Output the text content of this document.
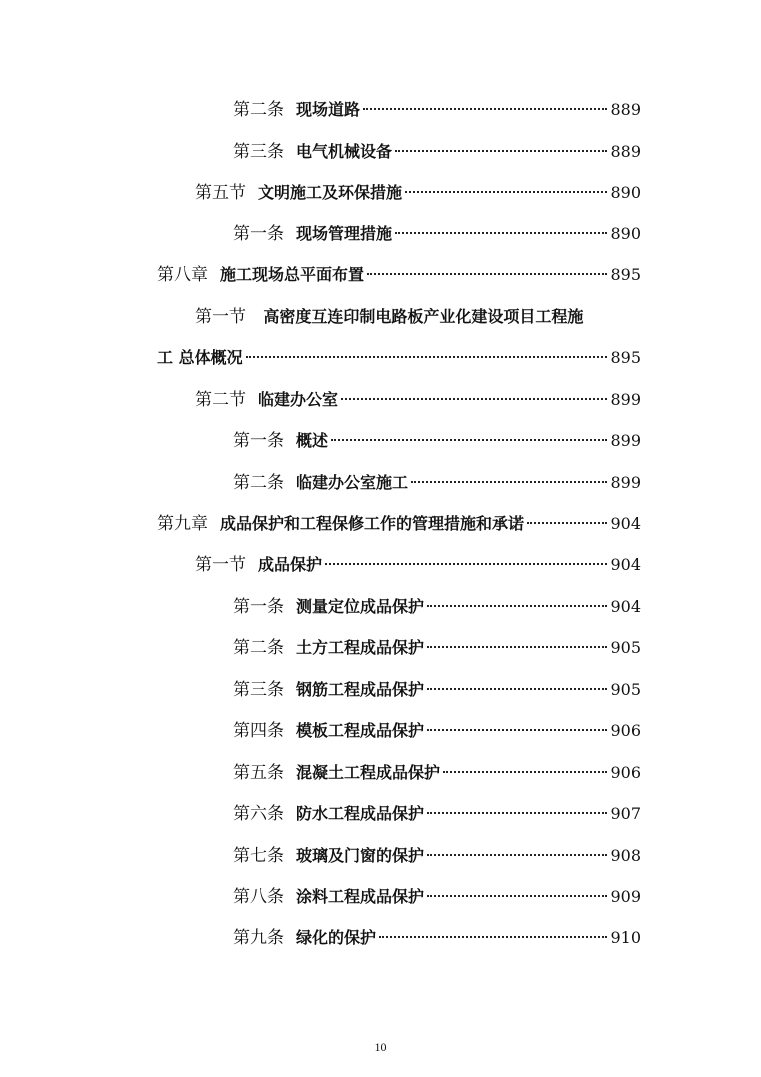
第二条 现场道路	889
第三条 电气机械设备	889
第五节 文明施工及环保措施	890
第一条 现场管理措施	890
第八章 施工现场总平面布置	895
第一节 高密度互连印制电路板产业化建设项目工程施
工 总体概况	895
第二节 临建办公室	899
第一条 概述	899
第二条 临建办公室施工	899
第九章 成品保护和工程保修工作的管理措施和承诺	904
第一节 成品保护	904
第一条 测量定位成品保护	904
第二条 土方工程成品保护	905
第三条 钢筋工程成品保护	905
第四条 模板工程成品保护	906
第五条 混凝土工程成品保护	906
第六条 防水工程成品保护	907
第七条 玻璃及门窗的保护	908
第八条 涂料工程成品保护	909
第九条 绿化的保护	910
10
